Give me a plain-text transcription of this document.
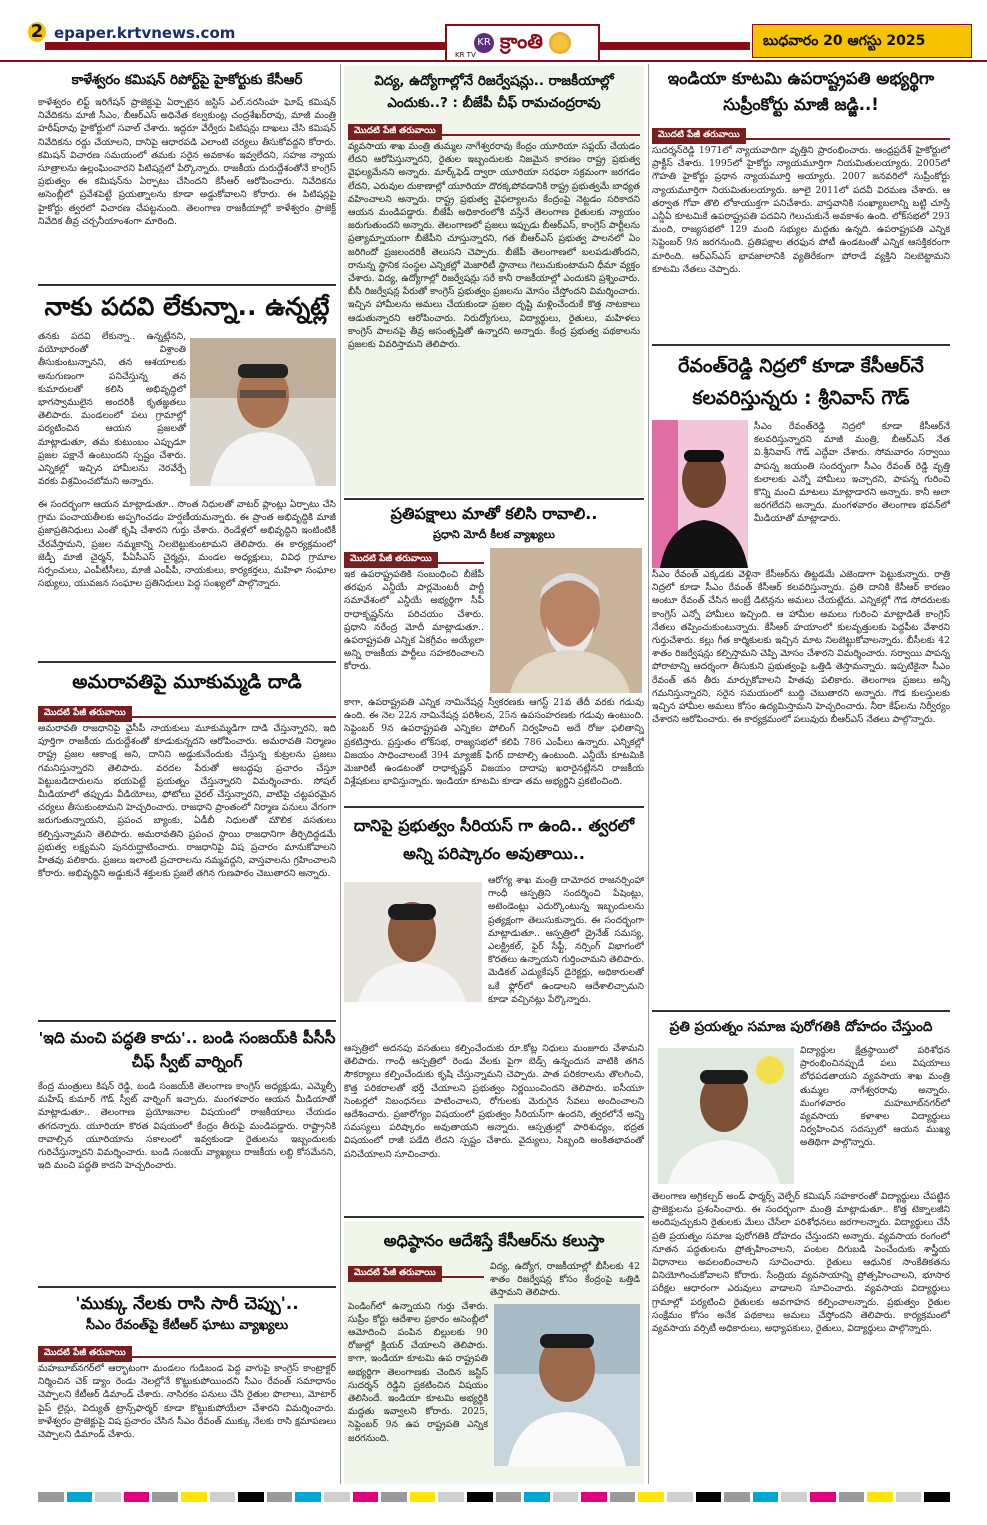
2 epaper.krtvnews.com
KR
KR TV
క్రాంతి	బుధవారం 20 ఆగస్టు 2025
కాళేశ్వరం కమిషన్ రిపోర్ట్‌పై హైకోర్టుకు కేసీఆర్
కాళేశ్వరం లిఫ్ట్ ఇరిగేషన్ ప్రాజెక్టుపై ఏర్పాటైన జస్టిస్ ఎల్.నరసింహ ఘోష్ కమిషన్ నివేదికను మాజీ సీఎం, బీఆర్ఎస్ అధినేత కల్వకుంట్ల చంద్రశేఖర్‌రావు, మాజీ మంత్రి హరీష్‌రావు హైకోర్టులో సవాల్ చేశారు. ఇద్దరూ వేర్వేరు పిటిషన్లు దాఖలు చేసి కమిషన్ నివేదికను రద్దు చేయాలని, దానిపై ఆధారపడి ఎలాంటి చర్యలు తీసుకోవద్దని కోరారు. కమిషన్ విచారణ సమయంలో తమకు సరైన అవకాశం ఇవ్వలేదని, సహజ న్యాయ సూత్రాలను ఉల్లంఘించారని పిటిషన్లలో పేర్కొన్నారు. రాజకీయ దురుద్దేశంతోనే కాంగ్రెస్ ప్రభుత్వం ఈ కమిషన్‌ను ఏర్పాటు చేసిందని కేసీఆర్ ఆరోపించారు. నివేదికను అసెంబ్లీలో ప్రవేశపెట్టే ప్రయత్నాలను కూడా అడ్డుకోవాలని కోరారు. ఈ పిటిషన్లపై హైకోర్టు త్వరలో విచారణ చేపట్టనుంది. తెలంగాణ రాజకీయాల్లో కాళేశ్వరం ప్రాజెక్ట్ నివేదిక తీవ్ర చర్చనీయాంశంగా మారింది.
నాకు పదవి లేకున్నా.. ఉన్నట్లే
తనకు పదవి లేకున్నా.. ఉన్నట్లేనని, వయోభారంతో విశ్రాంతి తీసుకుంటున్నానని, తన ఆశయాలకు అనుగుణంగా పనిచేస్తున్న తన కుమారులతో కలిసి అభివృద్ధిలో భాగస్వాములైన అందరికీ కృతజ్ఞతలు తెలిపారు. మండలంలో పలు గ్రామాల్లో పర్యటించిన ఆయన ప్రజలతో మాట్లాడుతూ, తమ కుటుంబం ఎప్పుడూ ప్రజల పక్షానే ఉంటుందని స్పష్టం చేశారు. ఎన్నికల్లో ఇచ్చిన హామీలను నెరవేర్చే వరకు విశ్రమించబోమని అన్నారు.
ఈ సందర్భంగా ఆయన మాట్లాడుతూ.. సొంత నిధులతో వాటర్ ప్లాంట్లు ఏర్పాటు చేసి గ్రామ పంచాయతీలకు అప్పగించడం హర్షణీయమన్నారు. ఈ ప్రాంత అభివృద్ధికి మాజీ ప్రజాప్రతినిధులు ఎంతో కృషి చేశారని గుర్తు చేశారు. రెండేళ్లలో అభివృద్ధిని ఇంటింటికీ చేరవేస్తామని, ప్రజల నమ్మకాన్ని నిలబెట్టుకుంటామని తెలిపారు. ఈ కార్యక్రమంలో జెడ్పీ మాజీ చైర్మన్, పీఏసీఎస్ చైర్మన్లు, మండల అధ్యక్షులు, వివిధ గ్రామాల సర్పంచులు, ఎంపీటీసీలు, మాజీ ఎంపీపీ, నాయకులు, కార్యకర్తలు, మహిళా సంఘాల సభ్యులు, యువజన సంఘాల ప్రతినిధులు పెద్ద సంఖ్యలో పాల్గొన్నారు.
అమరావతిపై మూకుమ్మడి దాడి
మొదటి పేజీ తరువాయి
అమరావతి రాజధానిపై వైసీపీ నాయకులు మూకుమ్మడిగా దాడి చేస్తున్నారని, ఇది పూర్తిగా రాజకీయ దురుద్దేశంతో కూడుకున్నదని ఆరోపించారు. అమరావతి నిర్మాణం రాష్ట్ర ప్రజల ఆకాంక్ష అని, దానిని అడ్డుకునేందుకు చేస్తున్న కుట్రలను ప్రజలు గమనిస్తున్నారని తెలిపారు. వరదల పేరుతో అబద్ధపు ప్రచారం చేస్తూ పెట్టుబడిదారులను భయపెట్టే ప్రయత్నం చేస్తున్నారని విమర్శించారు. సోషల్ మీడియాలో తప్పుడు వీడియోలు, ఫోటోలు వైరల్ చేస్తున్నారని, వాటిపై చట్టపరమైన చర్యలు తీసుకుంటామని హెచ్చరించారు. రాజధాని ప్రాంతంలో నిర్మాణ పనులు వేగంగా జరుగుతున్నాయని, ప్రపంచ బ్యాంకు, ఏడీబీ నిధులతో మౌలిక వసతులు కల్పిస్తున్నామని తెలిపారు. అమరావతిని ప్రపంచ స్థాయి రాజధానిగా తీర్చిదిద్దడమే ప్రభుత్వ లక్ష్యమని పునరుద్ఘాటించారు. రాజధానిపై విష ప్రచారం మానుకోవాలని హితవు పలికారు. ప్రజలు ఇలాంటి ప్రచారాలను నమ్మవద్దని, వాస్తవాలను గ్రహించాలని కోరారు. అభివృద్ధిని అడ్డుకునే శక్తులకు ప్రజలే తగిన గుణపాఠం చెబుతారని అన్నారు.
'ఇది మంచి పద్ధతి కాదు'.. బండి సంజయ్‌కి పీసీసీ చీఫ్ స్వీట్ వార్నింగ్
కేంద్ర మంత్రులు కిషన్ రెడ్డి, బండి సంజయ్‌కి తెలంగాణ కాంగ్రెస్ అధ్యక్షుడు, ఎమ్మెల్సీ మహేష్ కుమార్ గౌడ్ స్వీట్ వార్నింగ్ ఇచ్చారు. మంగళవారం ఆయన మీడియాతో మాట్లాడుతూ.. తెలంగాణ ప్రయోజనాల విషయంలో రాజకీయాలు చేయడం తగదన్నారు. యూరియా కొరత విషయంలో కేంద్రం తీరుపై మండిపడ్డారు. రాష్ట్రానికి రావాల్సిన యూరియాను సకాలంలో ఇవ్వకుండా రైతులను ఇబ్బందులకు గురిచేస్తున్నారని విమర్శించారు. బండి సంజయ్ వ్యాఖ్యలు రాజకీయ లబ్ధి కోసమేనని, ఇది మంచి పద్ధతి కాదని హెచ్చరించారు.
'ముక్కు నేలకు రాసి సారీ చెప్పు'..
సీఎం రేవంత్‌పై కేటీఆర్ ఘాటు వ్యాఖ్యలు
మొదటి పేజీ తరువాయి
మహబూబ్‌నగర్‌లో ఆర్భాటంగా మండలం గుడిబండ పెద్ద వాగుపై కాంగ్రెస్ కాంట్రాక్టర్ నిర్మించిన చెక్ డ్యాం రెండు నెలల్లోనే కొట్టుకుపోయిందని సీఎం రేవంత్ సమాధానం చెప్పాలని కేటీఆర్ డిమాండ్ చేశారు. నాసిరకం పనులు చేసి రైతుల పొలాలు, మోటార్ పైప్ లైన్లు, విద్యుత్ ట్రాన్స్‌ఫార్మర్ కూడా కొట్టుకుపోయేలా చేశారని విమర్శించారు. కాళేశ్వరం ప్రాజెక్టుపై విష ప్రచారం చేసిన సీఎం రేవంత్ ముక్కు నేలకు రాసి క్షమాపణలు చెప్పాలని డిమాండ్ చేశారు.
విద్య, ఉద్యోగాల్లోనే రిజర్వేషన్లు.. రాజకీయాల్లో ఎందుకు..? : బీజేపీ చీఫ్ రామచంద్రరావు
మొదటి పేజీ తరువాయి
వ్యవసాయ శాఖ మంత్రి తుమ్మల నాగేశ్వరరావు కేంద్రం యూరియా సప్లయ్ చేయడం లేదని ఆరోపిస్తున్నారని, రైతుల ఇబ్బందులకు నిజమైన కారణం రాష్ట్ర ప్రభుత్వ వైఫల్యమేనని అన్నారు. మార్క్‌ఫెడ్ ద్వారా యూరియా సరఫరా సక్రమంగా జరగడం లేదని, ఎరువుల దుకాణాల్లో యూరియా దొరక్కపోవడానికి రాష్ట్ర ప్రభుత్వమే బాధ్యత వహించాలని అన్నారు. రాష్ట్ర ప్రభుత్వ వైఫల్యాలను కేంద్రంపై నెట్టడం సరికాదని ఆయన మండిపడ్డారు. బీజేపీ అధికారంలోకి వస్తేనే తెలంగాణ రైతులకు న్యాయం జరుగుతుందని అన్నారు. తెలంగాణలో ప్రజలు ఇప్పుడు బీఆర్ఎస్, కాంగ్రెస్ పార్టీలను ప్రత్యామ్నాయంగా బీజేపీని చూస్తున్నారని, గత బీఆర్ఎస్ ప్రభుత్వ పాలనలో ఏం జరిగిందో ప్రజలందరికీ తెలుసని చెప్పారు. బీజేపీ తెలంగాణలో బలపడుతోందని, రానున్న స్థానిక సంస్థల ఎన్నికల్లో మెజారిటీ స్థానాలు గెలుచుకుంటామని ధీమా వ్యక్తం చేశారు. విద్య, ఉద్యోగాల్లో రిజర్వేషన్లు సరే కానీ రాజకీయాల్లో ఎందుకని ప్రశ్నించారు. బీసీ రిజర్వేషన్ల పేరుతో కాంగ్రెస్ ప్రభుత్వం ప్రజలను మోసం చేస్తోందని విమర్శించారు. ఇచ్చిన హామీలను అమలు చేయకుండా ప్రజల దృష్టి మళ్లించేందుకే కొత్త నాటకాలు ఆడుతున్నారని ఆరోపించారు. నిరుద్యోగులు, విద్యార్థులు, రైతులు, మహిళలు కాంగ్రెస్ పాలనపై తీవ్ర అసంతృప్తితో ఉన్నారని అన్నారు. కేంద్ర ప్రభుత్వ పథకాలను ప్రజలకు వివరిస్తామని తెలిపారు.
ప్రతిపక్షాలు మాతో కలిసి రావాలి..
ప్రధాని మోదీ కీలక వ్యాఖ్యలు
మొదటి పేజీ తరువాయి
ఇక ఉపరాష్ట్రపతికి సంబంధించి బీజేపీ తరఫున ఎన్డీయే పార్లమెంటరీ పార్టీ సమావేశంలో ఎన్డీయే అభ్యర్థిగా సీపీ రాధాకృష్ణన్‌ను పరిచయం చేశారు. ప్రధాని నరేంద్ర మోదీ మాట్లాడుతూ.. ఉపరాష్ట్రపతి ఎన్నిక ఏకగ్రీవం అయ్యేలా అన్ని రాజకీయ పార్టీలు సహకరించాలని కోరారు.
కాగా, ఉపరాష్ట్రపతి ఎన్నిక నామినేషన్ల స్వీకరణకు ఆగస్ట్ 21వ తేదీ వరకు గడువు ఉంది. ఈ నెల 22న నామినేషన్ల పరిశీలన, 25న ఉపసంహరణకు గడువు ఉంటుంది. సెప్టెంబర్ 9న ఉపరాష్ట్రపతి ఎన్నికల పోలింగ్ నిర్వహించి అదే రోజు ఫలితాన్ని ప్రకటిస్తారు. ప్రస్తుతం లోక్‌సభ, రాజ్యసభలో కలిపి 786 ఎంపీలు ఉన్నారు. ఎన్నికల్లో విజయం సాధించాలంటే 394 మ్యాజిక్ ఫిగర్ దాటాల్సి ఉంటుంది. ఎన్డీయే కూటమికి మెజారిటీ ఉండటంతో రాధాకృష్ణన్ విజయం దాదాపు ఖరారైనట్లేనని రాజకీయ విశ్లేషకులు భావిస్తున్నారు. ఇండియా కూటమి కూడా తమ అభ్యర్థిని ప్రకటించింది.
దానిపై ప్రభుత్వం సీరియస్ గా ఉంది.. త్వరలో అన్ని పరిష్కారం అవుతాయి..
ఆరోగ్య శాఖ మంత్రి దామోదర రాజనర్సింహా గాంధీ ఆస్పత్రిని సందర్శించి పేషెంట్లు, అటెండెంట్లు ఎదుర్కొంటున్న ఇబ్బందులను ప్రత్యక్షంగా తెలుసుకున్నారు. ఈ సందర్భంగా మాట్లాడుతూ.. ఆస్పత్రిలో డ్రైనేజ్ సమస్య, ఎలక్ట్రికల్, ఫైర్ సేఫ్టీ, నర్సింగ్ విభాగంలో కొరతలు ఉన్నాయని గుర్తించామని తెలిపారు. మెడికల్ ఎడ్యుకేషన్ డైరెక్టర్లు, అధికారులతో ఒకే ఫ్లోర్‌లో ఉండాలని ఆదేశాలిచ్చామని కూడా వచ్చినట్లు పేర్కొన్నారు.
ఆస్పత్రిలో అదనపు వసతులు కల్పించేందుకు రూ.కోట్ల నిధులు మంజూరు చేశామని తెలిపారు. గాంధీ ఆస్పత్రిలో రెండు వేలకు పైగా బెడ్స్ ఉన్నందున వాటికి తగిన సౌకర్యాలు కల్పించేందుకు కృషి చేస్తున్నామని చెప్పారు. పాత పరికరాలను తొలగించి, కొత్త పరికరాలతో భర్తీ చేయాలని ప్రభుత్వం నిర్ణయించిందని తెలిపారు. ఐసీయూ సెంటర్లలో నిబంధనలు పాటించాలని, రోగులకు మెరుగైన సేవలు అందించాలని ఆదేశించారు. ప్రజారోగ్యం విషయంలో ప్రభుత్వం సీరియస్‌గా ఉందని, త్వరలోనే అన్ని సమస్యలు పరిష్కారం అవుతాయని అన్నారు. ఆస్పత్రుల్లో పారిశుధ్యం, భద్రత విషయంలో రాజీ పడేది లేదని స్పష్టం చేశారు. వైద్యులు, సిబ్బంది అంకితభావంతో పనిచేయాలని సూచించారు.
అధిష్ఠానం ఆదేశిస్తే కేసీఆర్‌ను కలుస్తా
మొదటి పేజీ తరువాయి
విద్య, ఉద్యోగ, రాజకీయాల్లో బీసీలకు 42 శాతం రిజర్వేషన్ల కోసం కేంద్రంపై ఒత్తిడి తెస్తామని తెలిపారు.
పెండింగ్‌లో ఉన్నాయని గుర్తు చేశారు. సుప్రీం కోర్టు ఆదేశాల ప్రకారం అసెంబ్లీలో ఆమోదించి పంపిన బిల్లులకు 90 రోజుల్లో క్లియర్ చేయాలని తెలిపారు. కాగా, ఇండియా కూటమి ఉప రాష్ట్రపతి అభ్యర్థిగా తెలంగాణకు చెందిన జస్టిస్ సుదర్శన్ రెడ్డిని ప్రకటించిన విషయం తెలిసిందే. ఇండియా కూటమి అభ్యర్థికి మద్దతు ఇవ్వాలని కోరారు. 2025, సెప్టెంబర్ 9న ఉప రాష్ట్రపతి ఎన్నిక జరగనుంది.
ఇండియా కూటమి ఉపరాష్ట్రపతి అభ్యర్థిగా సుప్రీంకోర్టు మాజీ జడ్జి..!
మొదటి పేజీ తరువాయి
సుదర్శన్‌రెడ్డి 1971లో న్యాయవాదిగా వృత్తిని ప్రారంభించారు. ఆంధ్రప్రదేశ్ హైకోర్టులో ప్రాక్టీస్ చేశారు. 1995లో హైకోర్టు న్యాయమూర్తిగా నియమితులయ్యారు. 2005లో గౌహతి హైకోర్టు ప్రధాన న్యాయమూర్తి అయ్యారు. 2007 జనవరిలో సుప్రీంకోర్టు న్యాయమూర్తిగా నియమితులయ్యారు. జూలై 2011లో పదవీ విరమణ చేశారు. ఆ తర్వాత గోవా తొలి లోకాయుక్తగా పనిచేశారు. వాస్తవానికి సంఖ్యాబలాన్ని బట్టి చూస్తే ఎన్డీఏ కూటమికే ఉపరాష్ట్రపతి పదవిని గెలుచుకునే అవకాశం ఉంది. లోక్‌సభలో 293 మంది, రాజ్యసభలో 129 మంది సభ్యుల మద్దతు ఉన్నది. ఉపరాష్ట్రపతి ఎన్నిక సెప్టెంబర్ 9న జరగనుంది. ప్రతిపక్షాల తరఫున పోటీ ఉండటంతో ఎన్నిక ఆసక్తికరంగా మారింది. ఆర్ఎస్ఎస్ భావజాలానికి వ్యతిరేకంగా పోరాడే వ్యక్తిని నిలబెట్టామని కూటమి నేతలు చెప్పారు.
రేవంత్‌రెడ్డి నిద్రలో కూడా కేసీఆర్‌నే కలవరిస్తున్నరు : శ్రీనివాస్ గౌడ్
సీఎం రేవంత్‌రెడ్డి నిద్రలో కూడా కేసీఆర్‌నే కలవరిస్తున్నారని మాజీ మంత్రి, బీఆర్ఎస్ నేత వి.శ్రీనివాస్ గౌడ్ ఎద్దేవా చేశారు. సోమవారం సర్వాయి పాపన్న జయంతి సందర్భంగా సీఎం రేవంత్ రెడ్డి వృత్తి కులాలకు ఎన్నో హామీలు ఇచ్చారని, పాపన్న గురించి కొన్ని మంచి మాటలు మాట్లాడారని అన్నారు. కానీ అలా జరగలేదని అన్నారు. మంగళవారం తెలంగాణ భవన్‌లో మీడియాతో మాట్లాడారు.
సీఎం రేవంత్ ఎక్కడకు వెళ్లినా కేసీఆర్‌ను తిట్టడమే ఎజెండాగా పెట్టుకున్నారు. రాత్రి నిద్రలో కూడా సీఎం రేవంత్ కేసీఆర్ కలవరిస్తున్నారు. ప్రతి దానికి కేసీఆర్ కారణం అంటూ రేవంత్ చేసిన అంబ్రే డిటెన్లను అమలు చేయట్లేదు. ఎన్నికల్లో గౌడ సోదరులకు కాంగ్రెస్ ఎన్నో హామీలు ఇచ్చింది. ఆ హామీల అమలు గురించి మాట్లాడితే కాంగ్రెస్ నేతలు తప్పించుకుంటున్నారు. కేసీఆర్ హయాంలో కులవృత్తులకు పెద్దపీట వేశారని గుర్తుచేశారు. కల్లు గీత కార్మికులకు ఇచ్చిన మాట నిలబెట్టుకోవాలన్నారు. బీసీలకు 42 శాతం రిజర్వేషన్లు కల్పిస్తామని చెప్పి మోసం చేశారని విమర్శించారు. సర్వాయి పాపన్న పోరాటాన్ని ఆదర్శంగా తీసుకుని ప్రభుత్వంపై ఒత్తిడి తెస్తామన్నారు. ఇప్పటికైనా సీఎం రేవంత్ తన తీరు మార్చుకోవాలని హితవు పలికారు. తెలంగాణ ప్రజలు అన్నీ గమనిస్తున్నారని, సరైన సమయంలో బుద్ధి చెబుతారని అన్నారు. గౌడ కులస్తులకు ఇచ్చిన హామీల అమలు కోసం ఉద్యమిస్తామని హెచ్చరించారు. నీరా కేఫ్‌లను నిర్వీర్యం చేశారని ఆరోపించారు. ఈ కార్యక్రమంలో పలువురు బీఆర్ఎస్ నేతలు పాల్గొన్నారు.
ప్రతి ప్రయత్నం సమాజ పురోగతికి దోహదం చేస్తుంది
విద్యార్థుల క్షేత్రస్థాయిలో పరిశోధన ప్రారంభించినప్పుడే పలు విషయాలు బోధపడతాయని వ్యవసాయ శాఖ మంత్రి తుమ్మల నాగేశ్వరరావు అన్నారు. మంగళవారం మహబూబ్‌నగర్‌లో వ్యవసాయ కళాశాల విద్యార్థులు నిర్వహించిన సదస్సులో ఆయన ముఖ్య అతిథిగా పాల్గొన్నారు.
తెలంగాణ అగ్రికల్చర్ అండ్ ఫార్మర్స్ వెల్ఫేర్ కమిషన్ సహకారంతో విద్యార్థులు చేపట్టిన ప్రాజెక్టులను ప్రశంసించారు. ఈ సందర్భంగా మంత్రి మాట్లాడుతూ.. కొత్త టెక్నాలజీని అందిపుచ్చుకుని రైతులకు మేలు చేసేలా పరిశోధనలు జరగాలన్నారు. విద్యార్థులు చేసే ప్రతి ప్రయత్నం సమాజ పురోగతికి దోహదం చేస్తుందని అన్నారు. వ్యవసాయ రంగంలో నూతన పద్ధతులను ప్రోత్సహించాలని, పంటల దిగుబడి పెంచేందుకు శాస్త్రీయ విధానాలు అవలంబించాలని సూచించారు. రైతులు ఆధునిక సాంకేతికతను వినియోగించుకోవాలని కోరారు. సేంద్రియ వ్యవసాయాన్ని ప్రోత్సహించాలని, భూసార పరీక్షల ఆధారంగా ఎరువులు వాడాలని సూచించారు. వ్యవసాయ విద్యార్థులు గ్రామాల్లో పర్యటించి రైతులకు అవగాహన కల్పించాలన్నారు. ప్రభుత్వం రైతుల సంక్షేమం కోసం అనేక పథకాలు అమలు చేస్తోందని తెలిపారు. కార్యక్రమంలో వ్యవసాయ వర్సిటీ అధికారులు, అధ్యాపకులు, రైతులు, విద్యార్థులు పాల్గొన్నారు.
